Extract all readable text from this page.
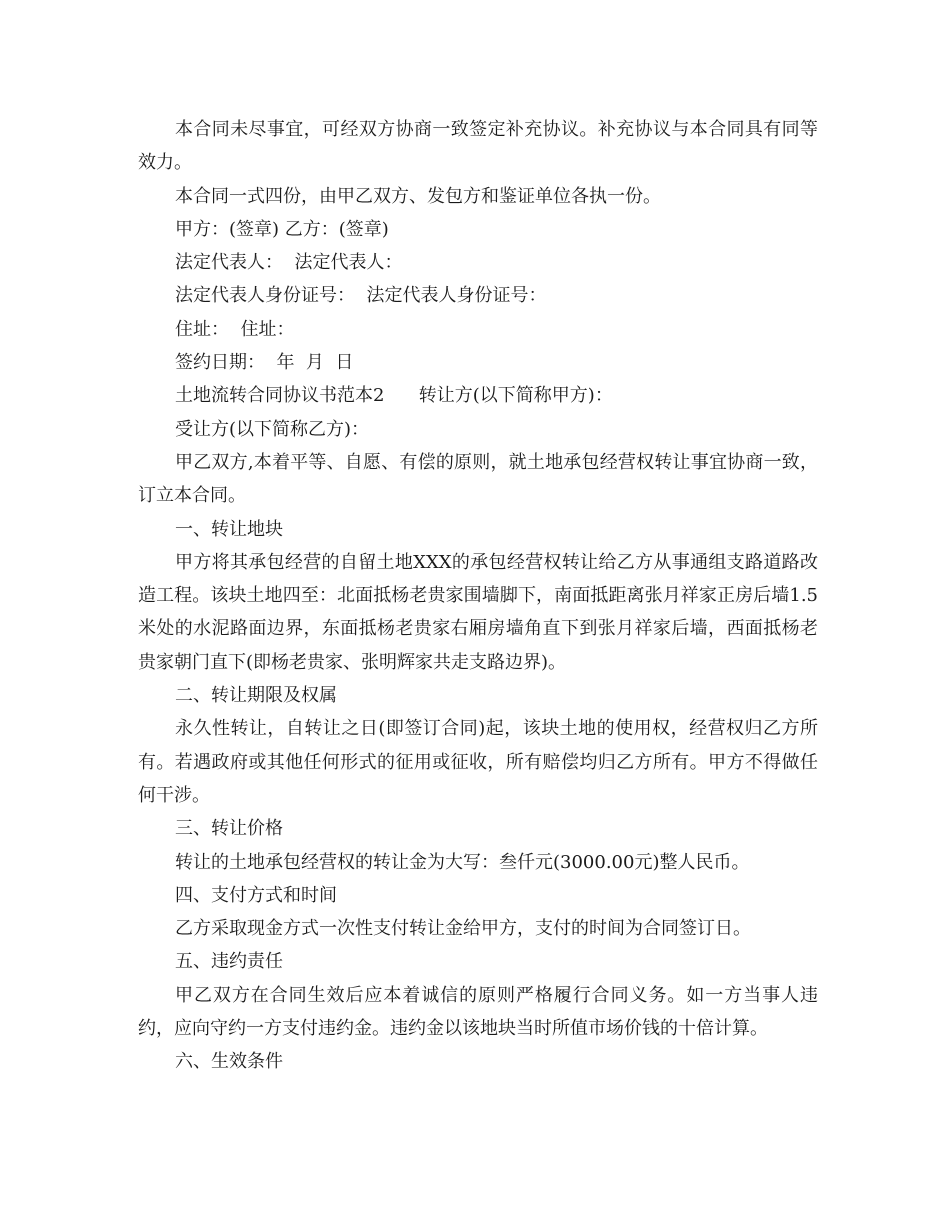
本合同未尽事宜，可经双方协商一致签定补充协议。补充协议与本合同具有同等效力。

本合同一式四份，由甲乙双方、发包方和鉴证单位各执一份。

甲方：(签章) 乙方：(签章)

法定代表人：  法定代表人：

法定代表人身份证号：  法定代表人身份证号：

住址：  住址：

签约日期：  年  月  日

土地流转合同协议书范本2      转让方(以下简称甲方)：

受让方(以下简称乙方)：

甲乙双方,本着平等、自愿、有偿的原则，就土地承包经营权转让事宜协商一致，订立本合同。

一、转让地块

甲方将其承包经营的自留土地XXX的承包经营权转让给乙方从事通组支路道路改造工程。该块土地四至：北面抵杨老贵家围墙脚下，南面抵距离张月祥家正房后墙1.5米处的水泥路面边界，东面抵杨老贵家右厢房墙角直下到张月祥家后墙，西面抵杨老贵家朝门直下(即杨老贵家、张明辉家共走支路边界)。

二、转让期限及权属

永久性转让，自转让之日(即签订合同)起，该块土地的使用权，经营权归乙方所有。若遇政府或其他任何形式的征用或征收，所有赔偿均归乙方所有。甲方不得做任何干涉。

三、转让价格

转让的土地承包经营权的转让金为大写：叁仟元(3000.00元)整人民币。

四、支付方式和时间

乙方采取现金方式一次性支付转让金给甲方，支付的时间为合同签订日。

五、违约责任

甲乙双方在合同生效后应本着诚信的原则严格履行合同义务。如一方当事人违约，应向守约一方支付违约金。违约金以该地块当时所值市场价钱的十倍计算。

六、生效条件
